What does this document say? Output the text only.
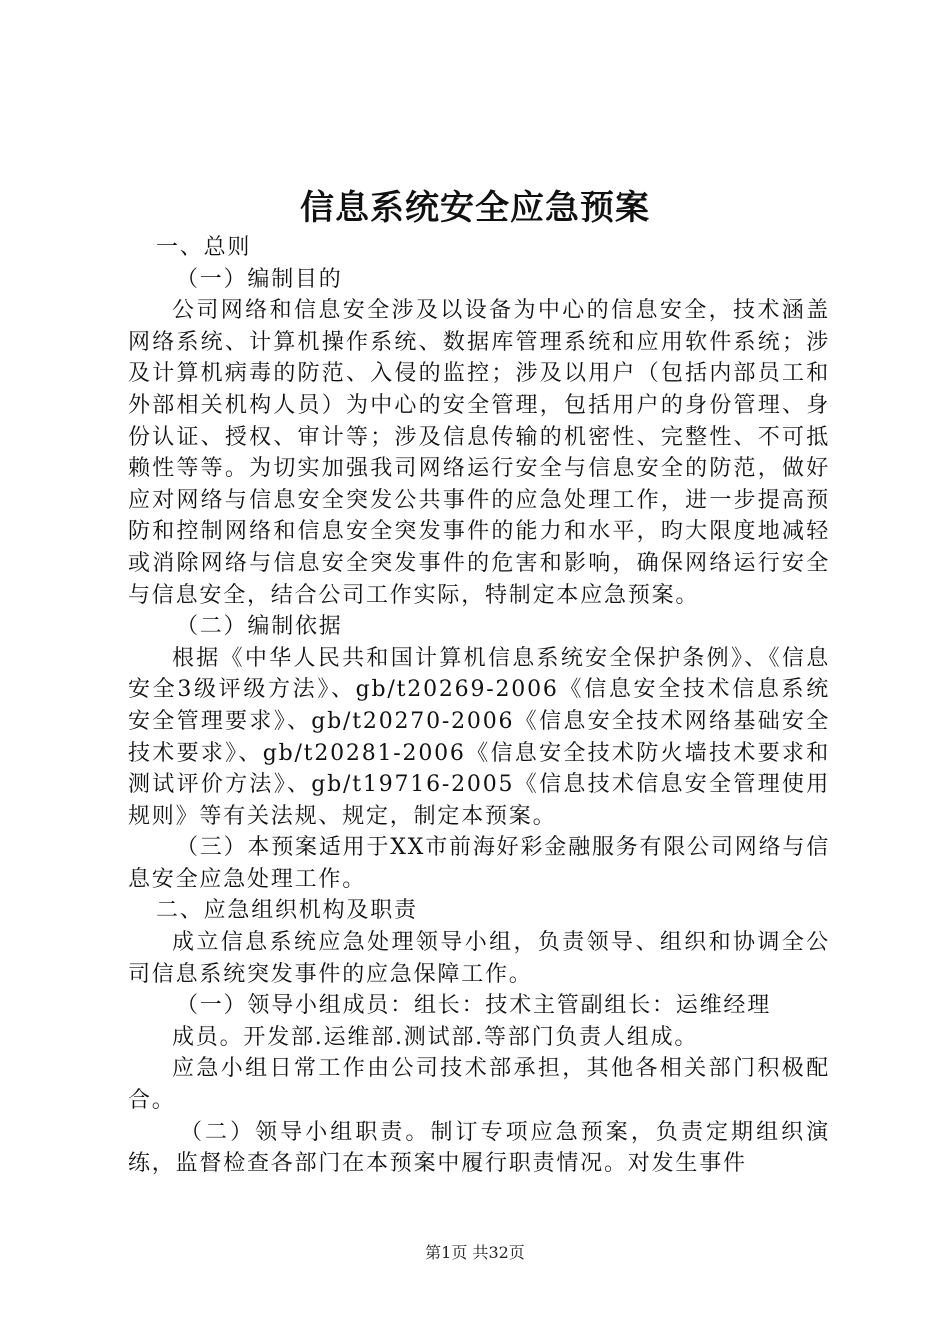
信息系统安全应急预案

一、总则

（一）编制目的

公司网络和信息安全涉及以设备为中心的信息安全，技术涵盖网络系统、计算机操作系统、数据库管理系统和应用软件系统；涉及计算机病毒的防范、入侵的监控；涉及以用户（包括内部员工和外部相关机构人员）为中心的安全管理，包括用户的身份管理、身份认证、授权、审计等；涉及信息传输的机密性、完整性、不可抵赖性等等。为切实加强我司网络运行安全与信息安全的防范，做好应对网络与信息安全突发公共事件的应急处理工作，进一步提高预防和控制网络和信息安全突发事件的能力和水平，昀大限度地减轻或消除网络与信息安全突发事件的危害和影响，确保网络运行安全与信息安全，结合公司工作实际，特制定本应急预案。

（二）编制依据

根据《中华人民共和国计算机信息系统安全保护条例》、《信息安全3级评级方法》、gb/t20269-2006《信息安全技术信息系统安全管理要求》、gb/t20270-2006《信息安全技术网络基础安全技术要求》、gb/t20281-2006《信息安全技术防火墙技术要求和测试评价方法》、gb/t19716-2005《信息技术信息安全管理使用规则》等有关法规、规定，制定本预案。

（三）本预案适用于XX市前海好彩金融服务有限公司网络与信息安全应急处理工作。

二、应急组织机构及职责

成立信息系统应急处理领导小组，负责领导、组织和协调全公司信息系统突发事件的应急保障工作。

（一）领导小组成员：组长：技术主管副组长：运维经理

成员。开发部.运维部.测试部.等部门负责人组成。

应急小组日常工作由公司技术部承担，其他各相关部门积极配合。

（二）领导小组职责。制订专项应急预案，负责定期组织演练，监督检查各部门在本预案中履行职责情况。对发生事件

第1页 共32页
